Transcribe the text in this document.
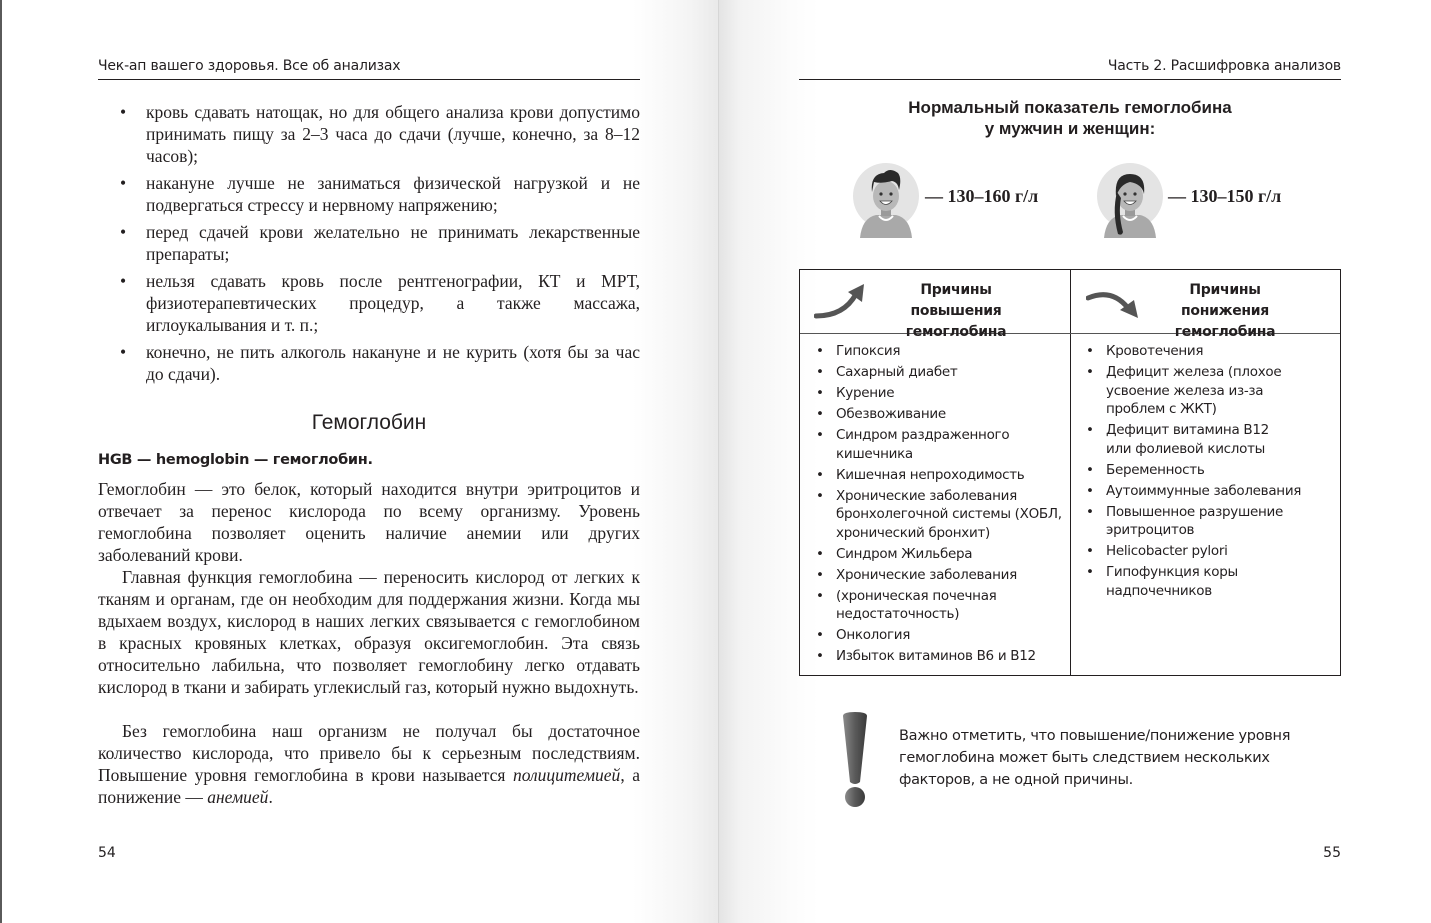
Чек-ап вашего здоровья. Все об анализах
• кровь сдавать натощак, но для общего анализа крови допустимо принимать пищу за 2–3 часа до сдачи (лучше, конечно, за 8–12 часов);
• накануне лучше не заниматься физической нагрузкой и не подвергаться стрессу и нервному напряжению;
• перед сдачей крови желательно не принимать лекарственные препараты;
• нельзя сдавать кровь после рентгенографии, КТ и МРТ, физиотерапевтических процедур, а также массажа, иглоукалывания и т. п.;
• конечно, не пить алкоголь накануне и не курить (хотя бы за час до сдачи).
Гемоглобин
HGB — hemoglobin — гемоглобин.

Гемоглобин — это белок, который находится внутри эритроцитов и отвечает за перенос кислорода по всему организму. Уровень гемоглобина позволяет оценить наличие анемии или других заболеваний крови.

Главная функция гемоглобина — переносить кислород от легких к тканям и органам, где он необходим для поддержания жизни. Когда мы вдыхаем воздух, кислород в наших легких связывается с гемоглобином в красных кровяных клетках, образуя оксигемоглобин. Эта связь относительно лабильна, что позволяет гемоглобину легко отдавать кислород в ткани и забирать углекислый газ, который нужно выдохнуть.

Без гемоглобина наш организм не получал бы достаточное количество кислорода, что привело бы к серьезным последствиям. Повышение уровня гемоглобина в крови называется полицитемией, а понижение — анемией.

54
Часть 2. Расшифровка анализов
Нормальный показатель гемоглобина
у мужчин и женщин:
— 130–160 г/л	— 130–150 г/л
Причины повышения
гемоглобина
Причины понижения
гемоглобина
• Гипоксия
• Сахарный диабет
• Курение
• Обезвоживание
• Синдром раздраженного кишечника
• Кишечная непроходимость
• Хронические заболевания бронхолегочной системы (ХОБЛ, хронический бронхит)
• Синдром Жильбера
• Хронические заболевания
• (хроническая почечная недостаточность)
• Онкология
• Избыток витаминов В6 и В12
• Кровотечения
• Дефицит железа (плохое усвоение железа из-за проблем с ЖКТ)
• Дефицит витамина В12 или фолиевой кислоты
• Беременность
• Аутоиммунные заболевания
• Повышенное разрушение эритроцитов
• Helicobacter pylori
• Гипофункция коры надпочечников
Важно отметить, что повышение/понижение уровня гемоглобина может быть следствием нескольких факторов, а не одной причины.
55
